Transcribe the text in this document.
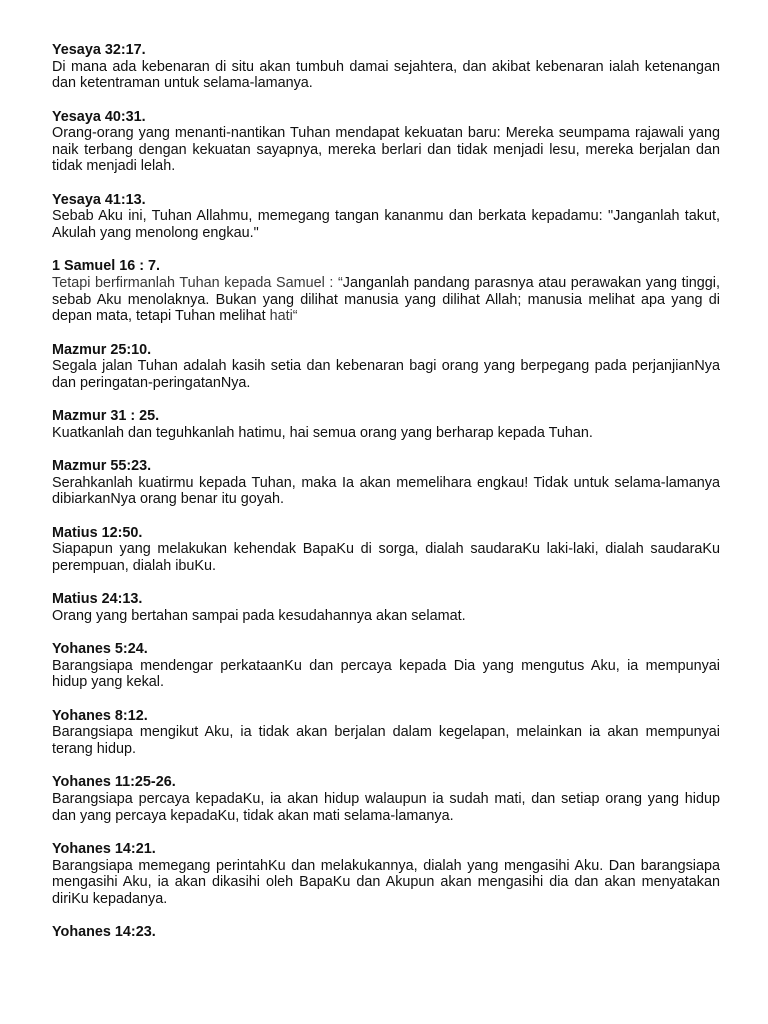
Yesaya 32:17.

Di mana ada kebenaran di situ akan tumbuh damai sejahtera, dan akibat kebenaran ialah ketenangan dan ketentraman untuk selama-lamanya.

Yesaya 40:31.

Orang-orang yang menanti-nantikan Tuhan mendapat kekuatan baru: Mereka seumpama rajawali yang naik terbang dengan kekuatan sayapnya, mereka berlari dan tidak menjadi lesu, mereka berjalan dan tidak menjadi lelah.

Yesaya 41:13.

Sebab Aku ini, Tuhan Allahmu, memegang tangan kananmu dan berkata kepadamu: "Janganlah takut, Akulah yang menolong engkau."

1 Samuel 16 : 7.

Tetapi berfirmanlah Tuhan kepada Samuel : “Janganlah pandang parasnya atau perawakan yang tinggi, sebab Aku menolaknya. Bukan yang dilihat manusia yang dilihat Allah; manusia melihat apa yang di depan mata, tetapi Tuhan melihat hati“

Mazmur 25:10.

Segala jalan Tuhan adalah kasih setia dan kebenaran bagi orang yang berpegang pada perjanjianNya dan peringatan-peringatanNya.

Mazmur 31 : 25.

Kuatkanlah dan teguhkanlah hatimu, hai semua orang yang berharap kepada Tuhan.

Mazmur 55:23.

Serahkanlah kuatirmu kepada Tuhan, maka Ia akan memelihara engkau! Tidak untuk selama-lamanya dibiarkanNya orang benar itu goyah.

Matius 12:50.

Siapapun yang melakukan kehendak BapaKu di sorga, dialah saudaraKu laki-laki, dialah saudaraKu perempuan, dialah ibuKu.

Matius 24:13.

Orang yang bertahan sampai pada kesudahannya akan selamat.

Yohanes 5:24.

Barangsiapa mendengar perkataanKu dan percaya kepada Dia yang mengutus Aku, ia mempunyai hidup yang kekal.

Yohanes 8:12.

Barangsiapa mengikut Aku, ia tidak akan berjalan dalam kegelapan, melainkan ia akan mempunyai terang hidup.

Yohanes 11:25-26.

Barangsiapa percaya kepadaKu, ia akan hidup walaupun ia sudah mati, dan setiap orang yang hidup dan yang percaya kepadaKu, tidak akan mati selama-lamanya.

Yohanes 14:21.

Barangsiapa memegang perintahKu dan melakukannya, dialah yang mengasihi Aku. Dan barangsiapa mengasihi Aku, ia akan dikasihi oleh BapaKu dan Akupun akan mengasihi dia dan akan menyatakan diriKu kepadanya.

Yohanes 14:23.
